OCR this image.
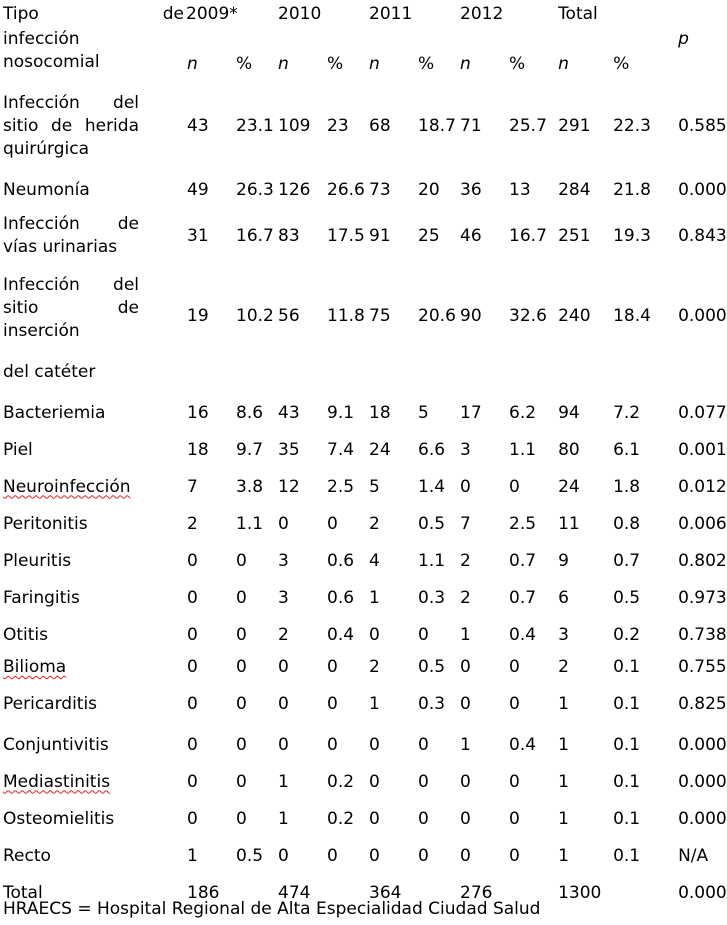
Tipo	de	2009*		2010		2011		2012		Total		
infección nosocomial		n	%	n	%	n	%	n	%	n	%	p
Infección del sitio de herida quirúrgica		43	23.1	109	23	68	18.7	71	25.7	291	22.3	0.585
Neumonía		49	26.3	126	26.6	73	20	36	13	284	21.8	0.000
Infección de vías urinarias		31	16.7	83	17.5	91	25	46	16.7	251	19.3	0.843
Infección del sitio de inserción
del catéter		19	10.2	56	11.8	75	20.6	90	32.6	240	18.4	0.000
Bacteriemia		16	8.6	43	9.1	18	5	17	6.2	94	7.2	0.077
Piel		18	9.7	35	7.4	24	6.6	3	1.1	80	6.1	0.001
Neuroinfección		7	3.8	12	2.5	5	1.4	0	0	24	1.8	0.012
Peritonitis		2	1.1	0	0	2	0.5	7	2.5	11	0.8	0.006
Pleuritis		0	0	3	0.6	4	1.1	2	0.7	9	0.7	0.802
Faringitis		0	0	3	0.6	1	0.3	2	0.7	6	0.5	0.973
Otitis		0	0	2	0.4	0	0	1	0.4	3	0.2	0.738
Bilioma		0	0	0	0	2	0.5	0	0	2	0.1	0.755
Pericarditis		0	0	0	0	1	0.3	0	0	1	0.1	0.825
Conjuntivitis		0	0	0	0	0	0	1	0.4	1	0.1	0.000
Mediastinitis		0	0	1	0.2	0	0	0	0	1	0.1	0.000
Osteomielitis		0	0	1	0.2	0	0	0	0	1	0.1	0.000
Recto		1	0.5	0	0	0	0	0	0	1	0.1	N/A
Total		186		474		364		276		1300		0.000
HRAECS = Hospital Regional de Alta Especialidad Ciudad Salud
